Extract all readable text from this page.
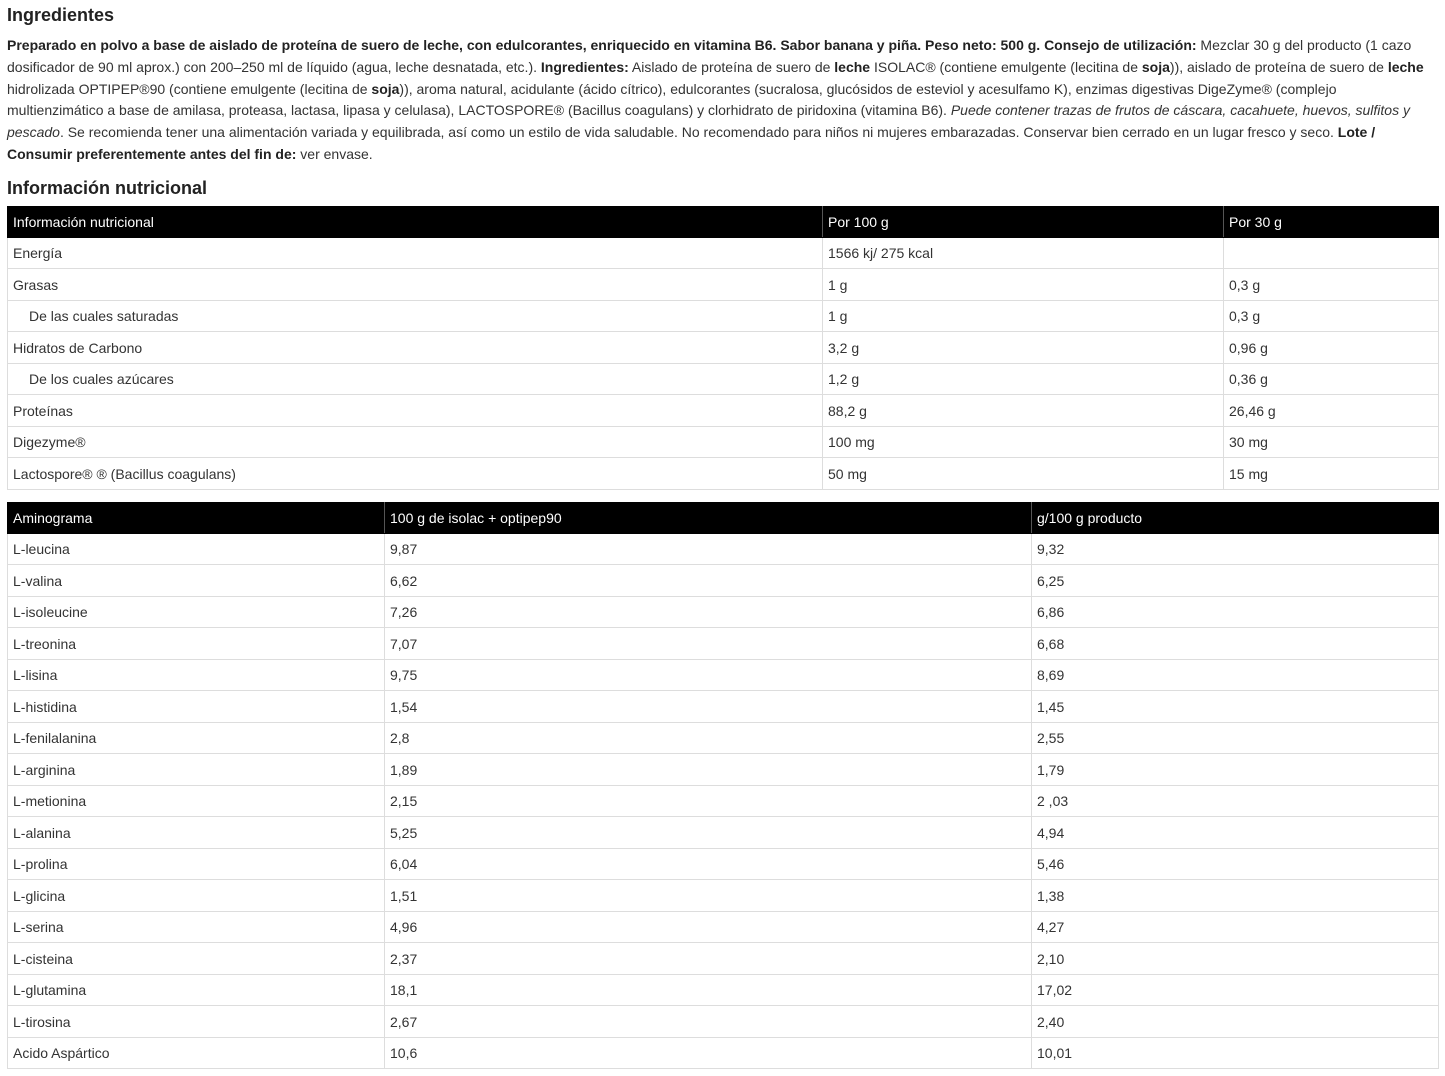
Ingredientes

Preparado en polvo a base de aislado de proteína de suero de leche, con edulcorantes, enriquecido en vitamina B6. Sabor banana y piña. Peso neto: 500 g. Consejo de utilización: Mezclar 30 g del producto (1 cazo dosificador de 90 ml aprox.) con 200–250 ml de líquido (agua, leche desnatada, etc.). Ingredientes: Aislado de proteína de suero de leche ISOLAC® (contiene emulgente (lecitina de soja)), aislado de proteína de suero de leche hidrolizada OPTIPEP®90 (contiene emulgente (lecitina de soja)), aroma natural, acidulante (ácido cítrico), edulcorantes (sucralosa, glucósidos de esteviol y acesulfamo K), enzimas digestivas DigeZyme® (complejo multienzimático a base de amilasa, proteasa, lactasa, lipasa y celulasa), LACTOSPORE® (Bacillus coagulans) y clorhidrato de piridoxina (vitamina B6). Puede contener trazas de frutos de cáscara, cacahuete, huevos, sulfitos y pescado. Se recomienda tener una alimentación variada y equilibrada, así como un estilo de vida saludable. No recomendado para niños ni mujeres embarazadas. Conservar bien cerrado en un lugar fresco y seco. Lote / Consumir preferentemente antes del fin de: ver envase.

Información nutricional
Información nutricional	Por 100 g	Por 30 g
Energía	1566 kj/ 275 kcal	
Grasas	1 g	0,3 g
De las cuales saturadas	1 g	0,3 g
Hidratos de Carbono	3,2 g	0,96 g
De los cuales azúcares	1,2 g	0,36 g
Proteínas	88,2 g	26,46 g
Digezyme®	100 mg	30 mg
Lactospore® ® (Bacillus coagulans)	50 mg	15 mg
Aminograma	100 g de isolac + optipep90	g/100 g producto
L-leucina	9,87	9,32
L-valina	6,62	6,25
L-isoleucine	7,26	6,86
L-treonina	7,07	6,68
L-lisina	9,75	8,69
L-histidina	1,54	1,45
L-fenilalanina	2,8	2,55
L-arginina	1,89	1,79
L-metionina	2,15	2 ,03
L-alanina	5,25	4,94
L-prolina	6,04	5,46
L-glicina	1,51	1,38
L-serina	4,96	4,27
L-cisteina	2,37	2,10
L-glutamina	18,1	17,02
L-tirosina	2,67	2,40
Acido Aspártico	10,6	10,01
